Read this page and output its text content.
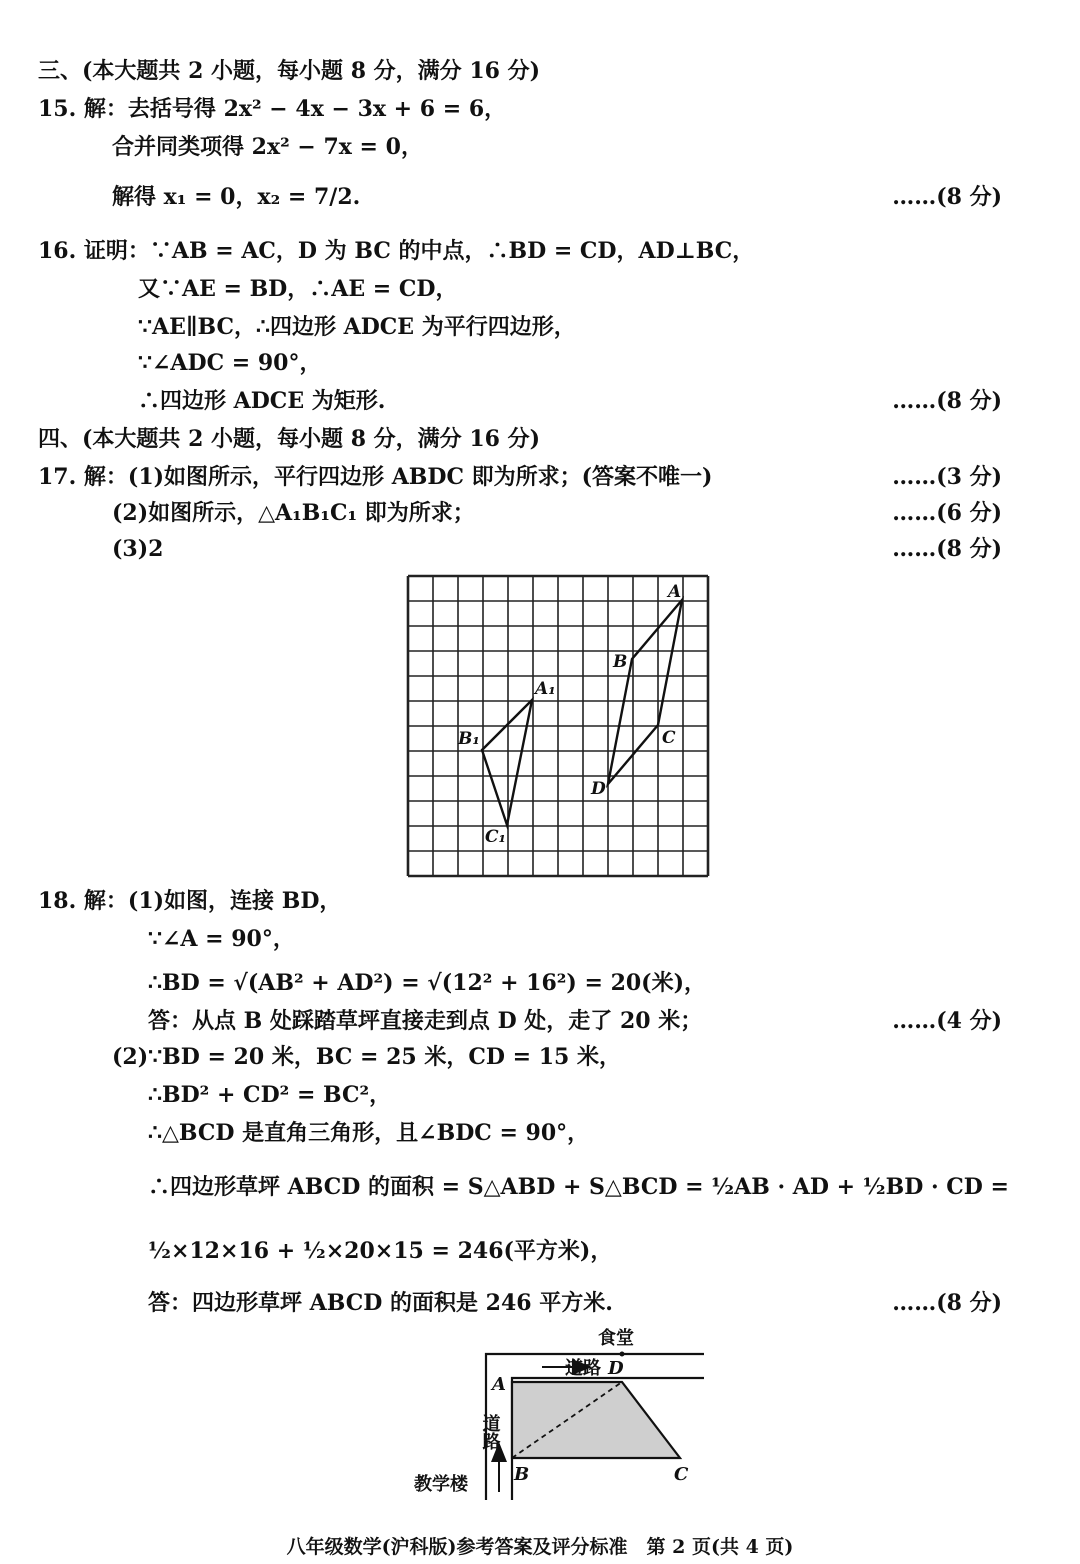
三、(本大题共 2 小题，每小题 8 分，满分 16 分)
15. 解：去括号得 2x² − 4x − 3x + 6 = 6，
合并同类项得 2x² − 7x = 0，
解得 x₁ = 0，x₂ = 7/2.	……(8 分)
16. 证明：∵AB = AC，D 为 BC 的中点，∴BD = CD，AD⊥BC，
又∵AE = BD，∴AE = CD，
∵AE∥BC，∴四边形 ADCE 为平行四边形，
∵∠ADC = 90°，
∴四边形 ADCE 为矩形.	……(8 分)
四、(本大题共 2 小题，每小题 8 分，满分 16 分)
17. 解：(1)如图所示，平行四边形 ABDC 即为所求；(答案不唯一)	……(3 分)
(2)如图所示，△A₁B₁C₁ 即为所求；	……(6 分)
(3)2	……(8 分)
A
B
C
D
A₁
B₁
C₁
18. 解：(1)如图，连接 BD，
∵∠A = 90°，
∴BD = √(AB² + AD²) = √(12² + 16²) = 20(米)，
答：从点 B 处踩踏草坪直接走到点 D 处，走了 20 米；	……(4 分)
(2)∵BD = 20 米，BC = 25 米，CD = 15 米，
∴BD² + CD² = BC²，
∴△BCD 是直角三角形，且∠BDC = 90°，
∴四边形草坪 ABCD 的面积 = S△ABD + S△BCD = ½AB · AD + ½BD · CD =
½×12×16 + ½×20×15 = 246(平方米)，
答：四边形草坪 ABCD 的面积是 246 平方米.	……(8 分)
食堂
道路
教学楼
道路
A
D
B	C
八年级数学(沪科版)参考答案及评分标准　第 2 页(共 4 页)
